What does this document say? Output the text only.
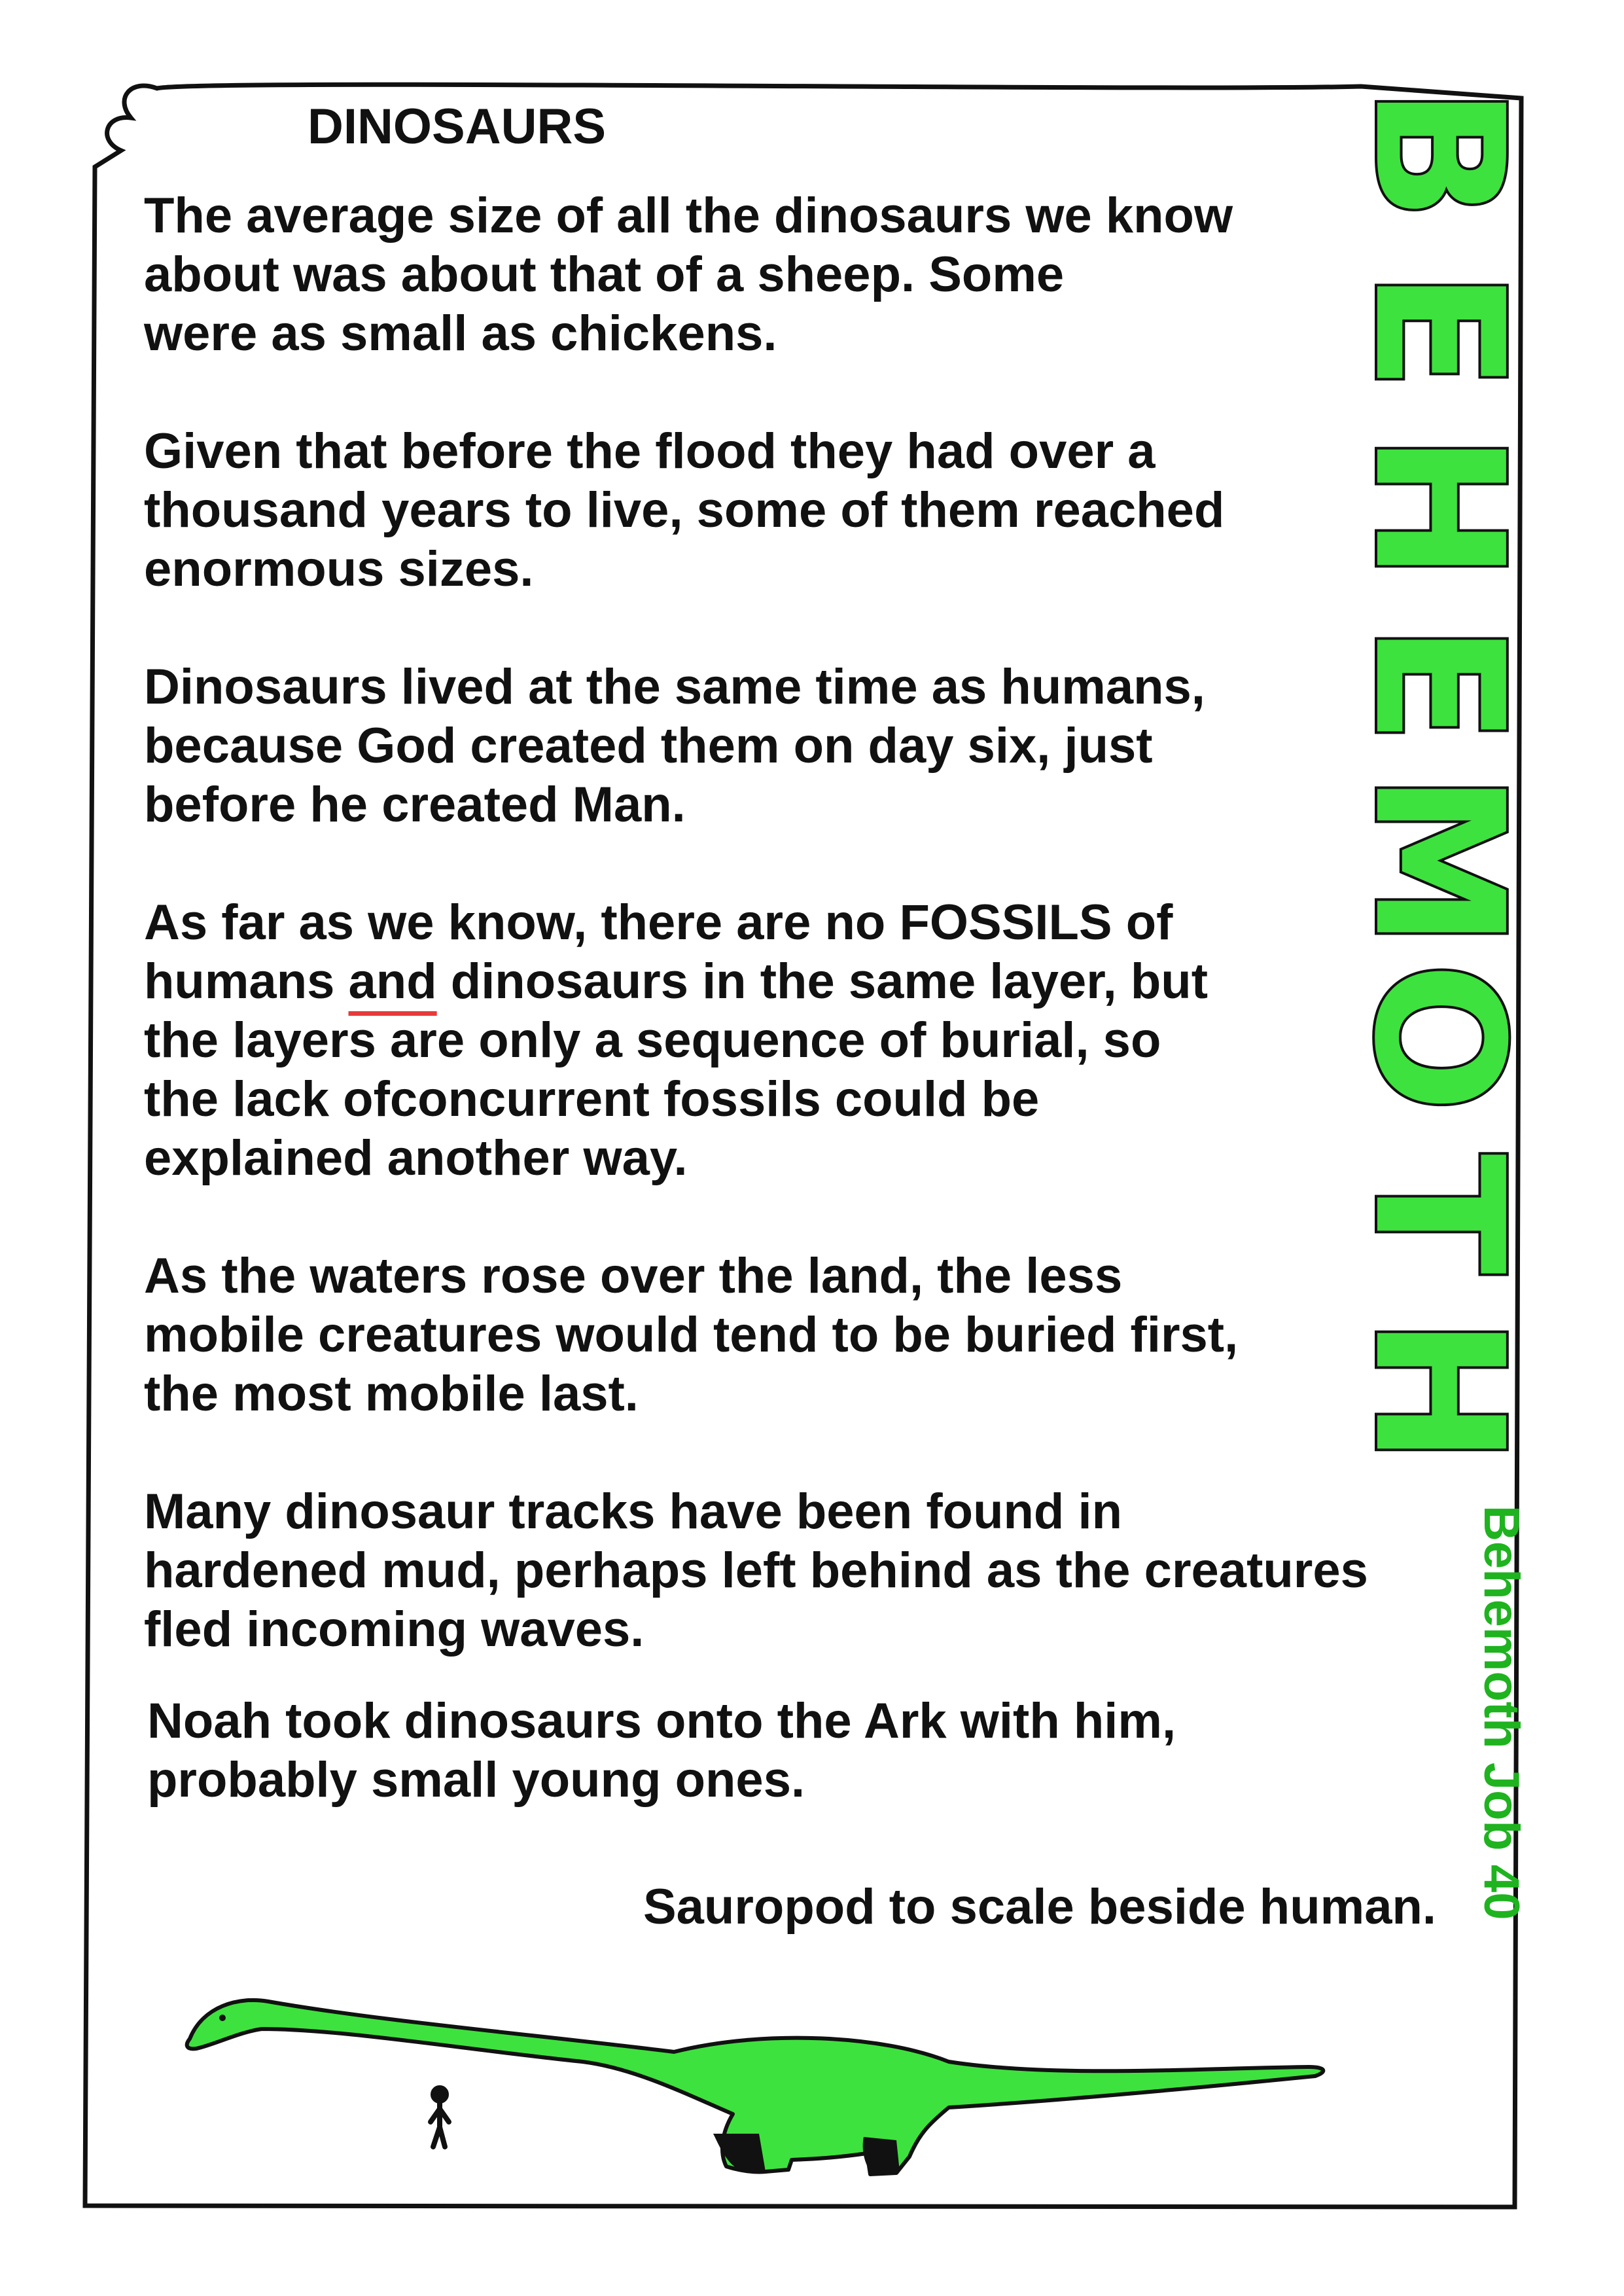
DINOSAURS
The average size of all the dinosaurs we know
about was about that of a sheep. Some
were as small as chickens.
Given that before the flood they had over a
thousand years to live, some of them reached
enormous sizes.
Dinosaurs lived at the same time as humans,
because God created them on day six, just
before he created Man.
As far as we know, there are no FOSSILS of
humans and dinosaurs in the same layer, but
the layers are only a sequence of burial, so
the lack ofconcurrent fossils could be
explained another way.
As the waters rose over the land, the less
mobile creatures would tend to be buried first,
the most mobile last.
Many dinosaur tracks have been found in
hardened mud, perhaps left behind as the creatures
fled incoming waves.
Noah took dinosaurs onto the Ark with him,
probably small young ones.
B
E
H
E
M
O
T
H
Behemoth Job 40
Sauropod to scale beside human.
